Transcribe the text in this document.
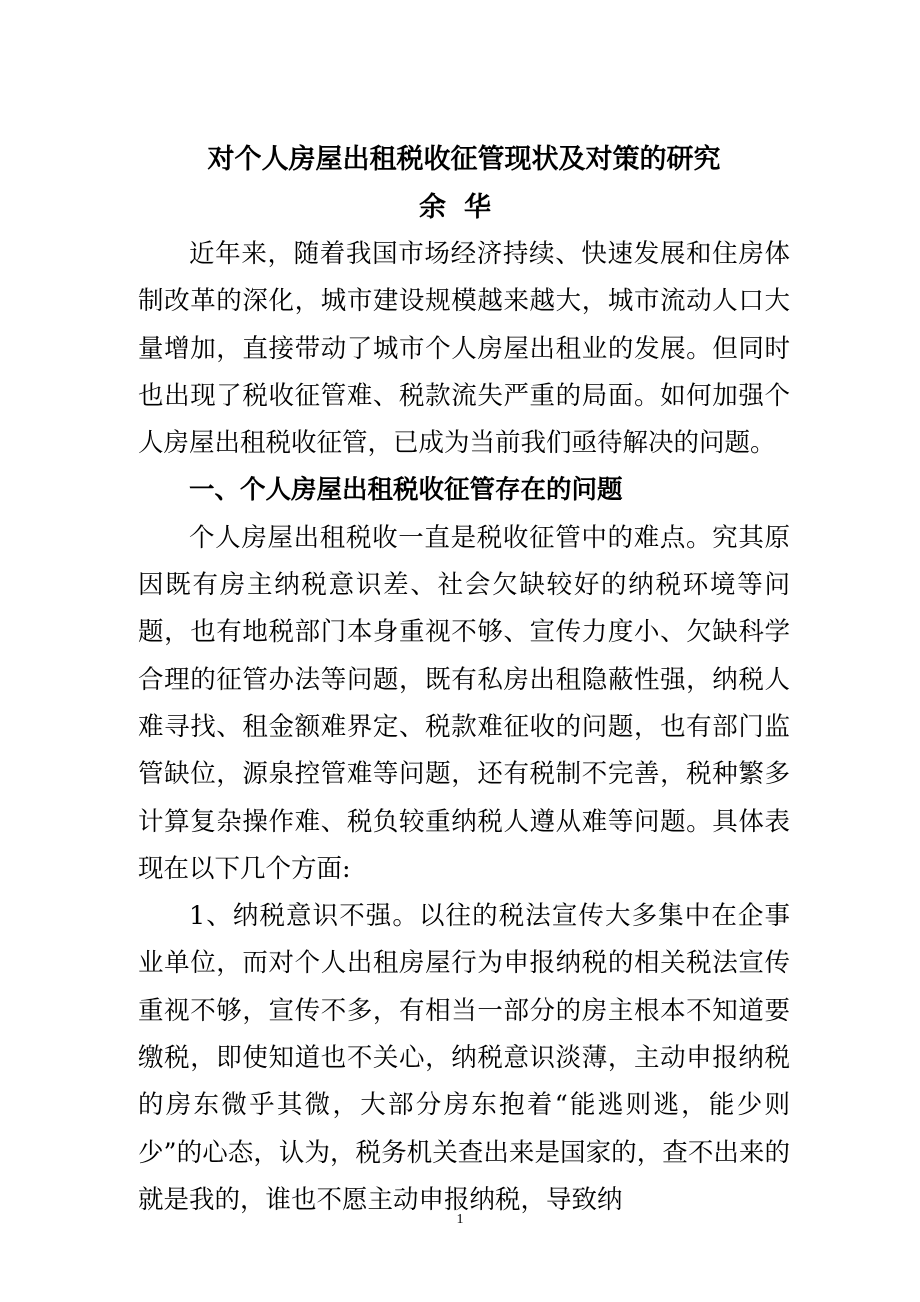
对个人房屋出租税收征管现状及对策的研究
余华

近年来，随着我国市场经济持续、快速发展和住房体制改革的深化，城市建设规模越来越大，城市流动人口大量增加，直接带动了城市个人房屋出租业的发展。但同时也出现了税收征管难、税款流失严重的局面。如何加强个人房屋出租税收征管，已成为当前我们亟待解决的问题。

一、个人房屋出租税收征管存在的问题

个人房屋出租税收一直是税收征管中的难点。究其原因既有房主纳税意识差、社会欠缺较好的纳税环境等问题，也有地税部门本身重视不够、宣传力度小、欠缺科学合理的征管办法等问题，既有私房出租隐蔽性强，纳税人难寻找、租金额难界定、税款难征收的问题，也有部门监管缺位，源泉控管难等问题，还有税制不完善，税种繁多计算复杂操作难、税负较重纳税人遵从难等问题。具体表现在以下几个方面:

1、纳税意识不强。以往的税法宣传大多集中在企事业单位，而对个人出租房屋行为申报纳税的相关税法宣传重视不够，宣传不多，有相当一部分的房主根本不知道要缴税，即使知道也不关心，纳税意识淡薄，主动申报纳税的房东微乎其微，大部分房东抱着“能逃则逃，能少则少”的心态，认为，税务机关查出来是国家的，查不出来的就是我的，谁也不愿主动申报纳税，导致纳

1
